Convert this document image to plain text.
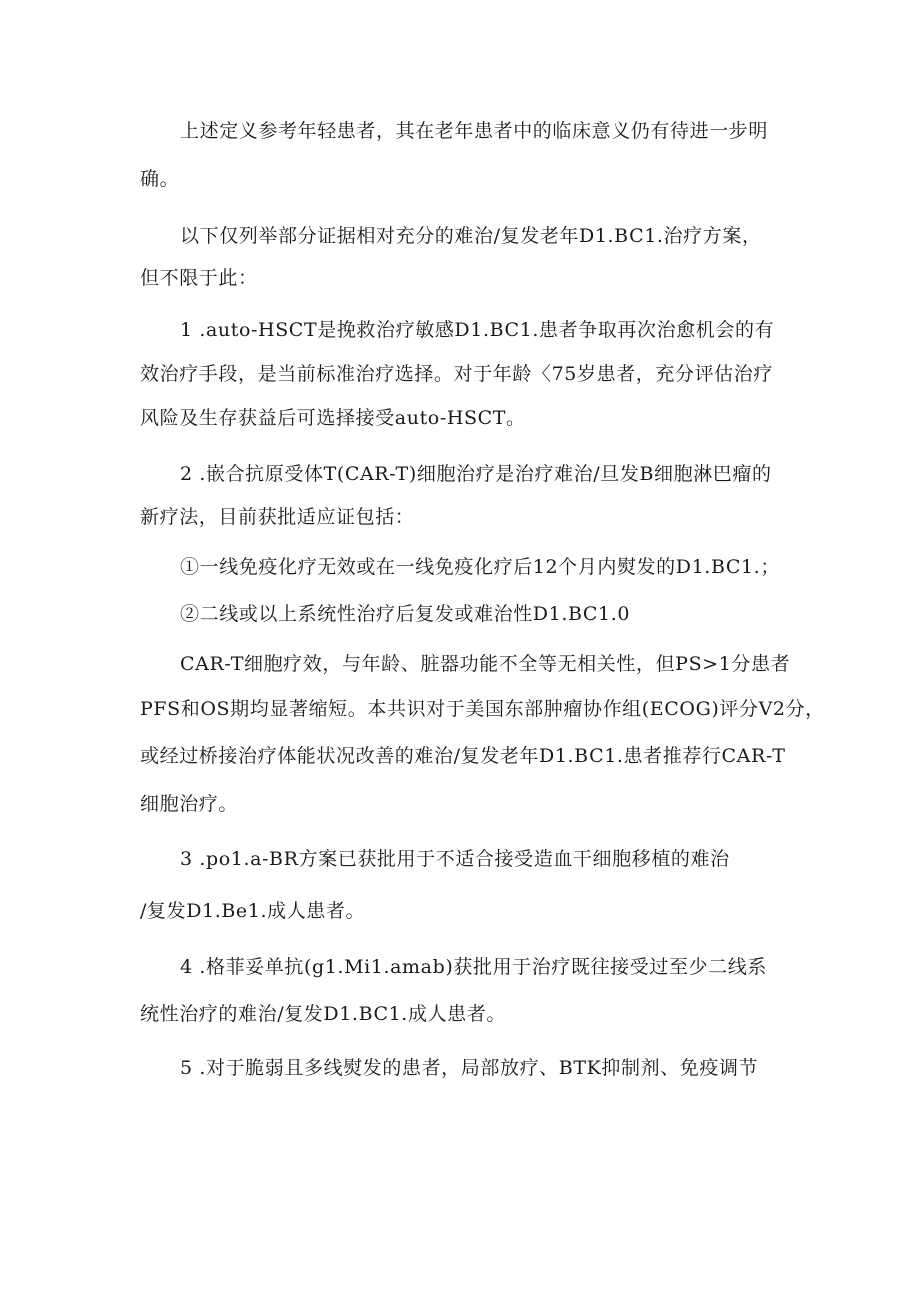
上述定义参考年轻患者，其在老年患者中的临床意义仍有待进一步明

确。

以下仅列举部分证据相对充分的难治/复发老年D1.BC1.治疗方案，

但不限于此：

1 .auto-HSCT是挽救治疗敏感D1.BC1.患者争取再次治愈机会的有

效治疗手段，是当前标准治疗选择。对于年龄〈75岁患者，充分评估治疗

风险及生存获益后可选择接受auto-HSCT。

2 .嵌合抗原受体T(CAR-T)细胞治疗是治疗难治/旦发B细胞淋巴瘤的

新疗法，目前获批适应证包括：

①一线免疫化疗无效或在一线免疫化疗后12个月内熨发的D1.BC1.；

②二线或以上系统性治疗后复发或难治性D1.BC1.0

CAR-T细胞疗效，与年龄、脏器功能不全等无相关性，但PS>1分患者

PFS和OS期均显著缩短。本共识对于美国东部肿瘤协作组(ECOG)评分V2分，

或经过桥接治疗体能状况改善的难治/复发老年D1.BC1.患者推荐行CAR-T

细胞治疗。

3 .po1.a-BR方案已获批用于不适合接受造血干细胞移植的难治

/复发D1.Be1.成人患者。

4 .格菲妥单抗(g1.Mi1.amab)获批用于治疗既往接受过至少二线系

统性治疗的难治/复发D1.BC1.成人患者。

5 .对于脆弱且多线熨发的患者，局部放疗、BTK抑制剂、免疫调节
